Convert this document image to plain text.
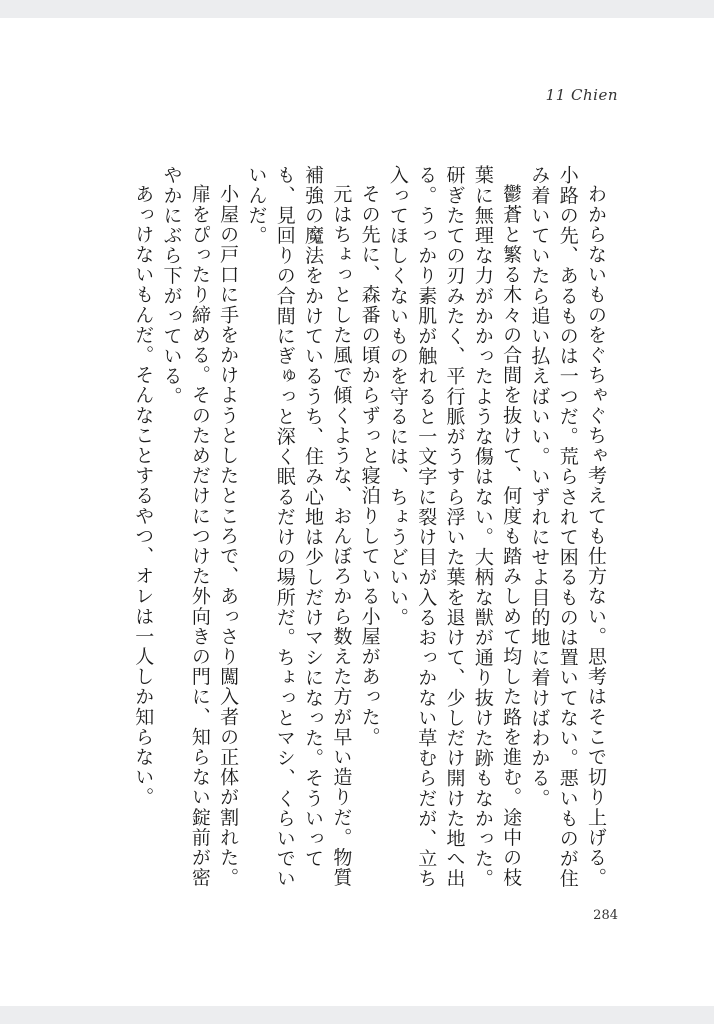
11 Chien

わからないものをぐちゃぐちゃ考えても仕方ない。思考はそこで切り上げる。小路の先、あるものは一つだ。荒らされて困るものは置いてない。悪いものが住み着いていたら追い払えばいい。いずれにせよ目的地に着けばわかる。

鬱蒼と繁る木々の合間を抜けて、何度も踏みしめて均した路を進む。途中の枝葉に無理な力がかかったような傷はない。大柄な獣が通り抜けた跡もなかった。研ぎたての刃みたく、平行脈がうすら浮いた葉を退けて、少しだけ開けた地へ出る。うっかり素肌が触れると一文字に裂け目が入るおっかない草むらだが、立ち入ってほしくないものを守るには、ちょうどいい。

その先に、森番の頃からずっと寝泊りしている小屋があった。

元はちょっとした風で傾くような、おんぼろから数えた方が早い造りだ。物質補強の魔法をかけているうち、住み心地は少しだけマシになった。そういっても、見回りの合間にぎゅっと深く眠るだけの場所だ。ちょっとマシ、くらいでいいんだ。

小屋の戸口に手をかけようとしたところで、あっさり闖入者の正体が割れた。

扉をぴったり締める。そのためだけにつけた外向きの門に、知らない錠前が密やかにぶら下がっている。

あっけないもんだ。そんなことするやつ、オレは一人しか知らない。

284
